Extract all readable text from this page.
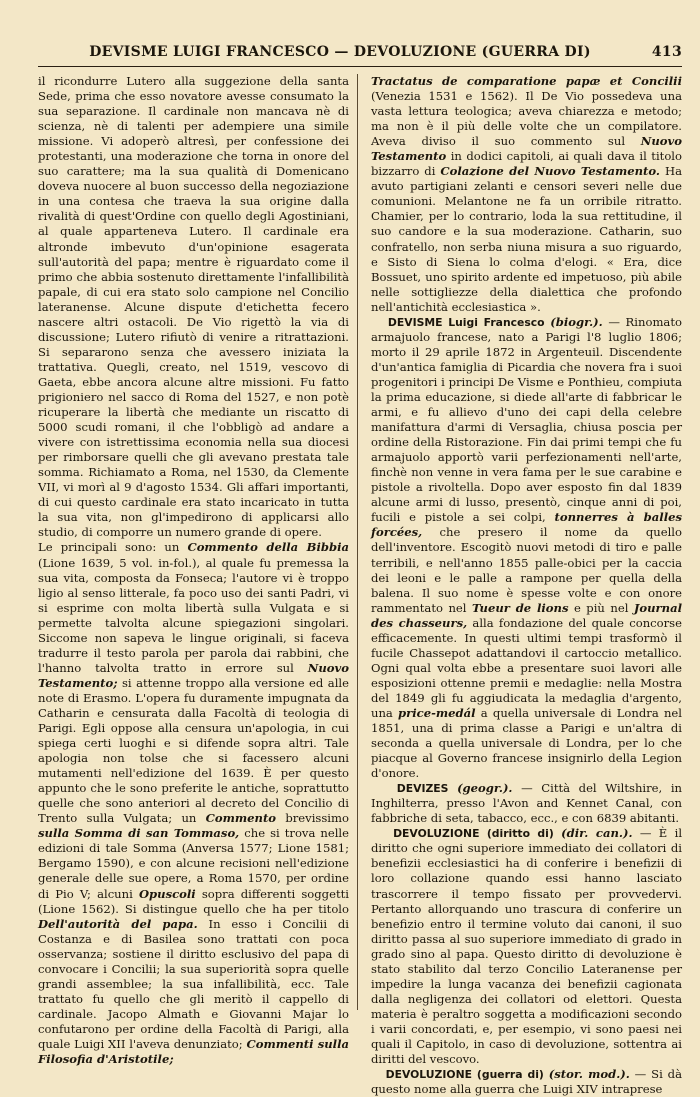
DEVISME LUIGI FRANCESCO — DEVOLUZIONE (GUERRA DI)	413

il ricondurre Lutero alla suggezione della santa Sede, prima che esso novatore avesse consumato la sua separazione. Il cardinale non mancava nè di scienza, nè di talenti per adempiere una simile missione. Vi adoperò altresì, per confessione dei protestanti, una moderazione che torna in onore del suo carattere; ma la sua qualità di Domenicano doveva nuocere al buon successo della negoziazione in una contesa che traeva la sua origine dalla rivalità di quest'Ordine con quello degli Agostiniani, al quale apparteneva Lutero. Il cardinale era altronde imbevuto d'un'opinione esagerata sull'autorità del papa; mentre è riguardato come il primo che abbia sostenuto direttamente l'infallibilità papale, di cui era stato solo campione nel Concilio lateranense. Alcune dispute d'etichetta fecero nascere altri ostacoli. De Vio rigettò la via di discussione; Lutero rifiutò di venire a ritrattazioni. Si separarono senza che avessero iniziata la trattativa. Quegli, creato, nel 1519, vescovo di Gaeta, ebbe ancora alcune altre missioni. Fu fatto prigioniero nel sacco di Roma del 1527, e non potè ricuperare la libertà che mediante un riscatto di 5000 scudi romani, il che l'obbligò ad andare a vivere con istrettissima economia nella sua diocesi per rimborsare quelli che gli avevano prestata tale somma. Richiamato a Roma, nel 1530, da Clemente VII, vi morì al 9 d'agosto 1534. Gli affari importanti, di cui questo cardinale era stato incaricato in tutta la sua vita, non gl'impedirono di applicarsi allo studio, di comporre un numero grande di opere.

Le principali sono: un Commento della Bibbia (Lione 1639, 5 vol. in-fol.), al quale fu premessa la sua vita, composta da Fonseca; l'autore vi è troppo ligio al senso litterale, fa poco uso dei santi Padri, vi si esprime con molta libertà sulla Vulgata e si permette talvolta alcune spiegazioni singolari. Siccome non sapeva le lingue originali, si faceva tradurre il testo parola per parola dai rabbini, che l'hanno talvolta tratto in errore sul Nuovo Testamento; si attenne troppo alla versione ed alle note di Erasmo. L'opera fu duramente impugnata da Catharin e censurata dalla Facoltà di teologia di Parigi. Egli oppose alla censura un'apologia, in cui spiega certi luoghi e si difende sopra altri. Tale apologia non tolse che si facessero alcuni mutamenti nell'edizione del 1639. È per questo appunto che le sono preferite le antiche, soprattutto quelle che sono anteriori al decreto del Concilio di Trento sulla Vulgata; un Commento brevissimo sulla Somma di san Tommaso, che si trova nelle edizioni di tale Somma (Anversa 1577; Lione 1581; Bergamo 1590), e con alcune recisioni nell'edizione generale delle sue opere, a Roma 1570, per ordine di Pio V; alcuni Opuscoli sopra differenti soggetti (Lione 1562). Si distingue quello che ha per titolo Dell'autorità del papa. In esso i Concilii di Costanza e di Basilea sono trattati con poca osservanza; sostiene il diritto esclusivo del papa di convocare i Concilii; la sua superiorità sopra quelle grandi assemblee; la sua infallibilità, ecc. Tale trattato fu quello che gli meritò il cappello di cardinale. Jacopo Almath e Giovanni Majar lo confutarono per ordine della Facoltà di Parigi, alla quale Luigi XII l'aveva denunziato; Commenti sulla Filosofia d'Aristotile;

Tractatus de comparatione papæ et Concilii (Venezia 1531 e 1562). Il De Vio possedeva una vasta lettura teologica; aveva chiarezza e metodo; ma non è il più delle volte che un compilatore. Aveva diviso il suo commento sul Nuovo Testamento in dodici capitoli, ai quali dava il titolo bizzarro di Colazione del Nuovo Testamento. Ha avuto partigiani zelanti e censori severi nelle due comunioni. Melantone ne fa un orribile ritratto. Chamier, per lo contrario, loda la sua rettitudine, il suo candore e la sua moderazione. Catharin, suo confratello, non serba niuna misura a suo riguardo, e Sisto di Siena lo colma d'elogi. « Era, dice Bossuet, uno spirito ardente ed impetuoso, più abile nelle sottigliezze della dialettica che profondo nell'antichità ecclesiastica ».

DEVISME Luigi Francesco (biogr.). — Rinomato armajuolo francese, nato a Parigi l'8 luglio 1806; morto il 29 aprile 1872 in Argenteuil. Discendente d'un'antica famiglia di Picardia che novera fra i suoi progenitori i principi De Visme e Ponthieu, compiuta la prima educazione, si diede all'arte di fabbricar le armi, e fu allievo d'uno dei capi della celebre manifattura d'armi di Versaglia, chiusa poscia per ordine della Ristorazione. Fin dai primi tempi che fu armajuolo apportò varii perfezionamenti nell'arte, finchè non venne in vera fama per le sue carabine e pistole a rivoltella. Dopo aver esposto fin dal 1839 alcune armi di lusso, presentò, cinque anni di poi, fucili e pistole a sei colpi, tonnerres à balles forcées, che presero il nome da quello dell'inventore. Escogitò nuovi metodi di tiro e palle terribili, e nell'anno 1855 palle-obici per la caccia dei leoni e le palle a rampone per quella della balena. Il suo nome è spesse volte e con onore rammentato nel Tueur de lions e più nel Journal des chasseurs, alla fondazione del quale concorse efficacemente. In questi ultimi tempi trasformò il fucile Chassepot adattandovi il cartoccio metallico. Ogni qual volta ebbe a presentare suoi lavori alle esposizioni ottenne premii e medaglie: nella Mostra del 1849 gli fu aggiudicata la medaglia d'argento, una price-medál a quella universale di Londra nel 1851, una di prima classe a Parigi e un'altra di seconda a quella universale di Londra, per lo che piacque al Governo francese insignirlo della Legion d'onore.

DEVIZES (geogr.). — Città del Wiltshire, in Inghilterra, presso l'Avon and Kennet Canal, con fabbriche di seta, tabacco, ecc., e con 6839 abitanti.

DEVOLUZIONE (diritto di) (dir. can.). — È il diritto che ogni superiore immediato dei collatori di benefizii ecclesiastici ha di conferire i benefizii di loro collazione quando essi hanno lasciato trascorrere il tempo fissato per provvedervi. Pertanto allorquando uno trascura di conferire un benefizio entro il termine voluto dai canoni, il suo diritto passa al suo superiore immediato di grado in grado sino al papa. Questo diritto di devoluzione è stato stabilito dal terzo Concilio Lateranense per impedire la lunga vacanza dei benefizii cagionata dalla negligenza dei collatori od elettori. Questa materia è peraltro soggetta a modificazioni secondo i varii concordati, e, per esempio, vi sono paesi nei quali il Capitolo, in caso di devoluzione, sottentra ai diritti del vescovo.

DEVOLUZIONE (guerra di) (stor. mod.). — Si dà questo nome alla guerra che Luigi XIV intraprese
